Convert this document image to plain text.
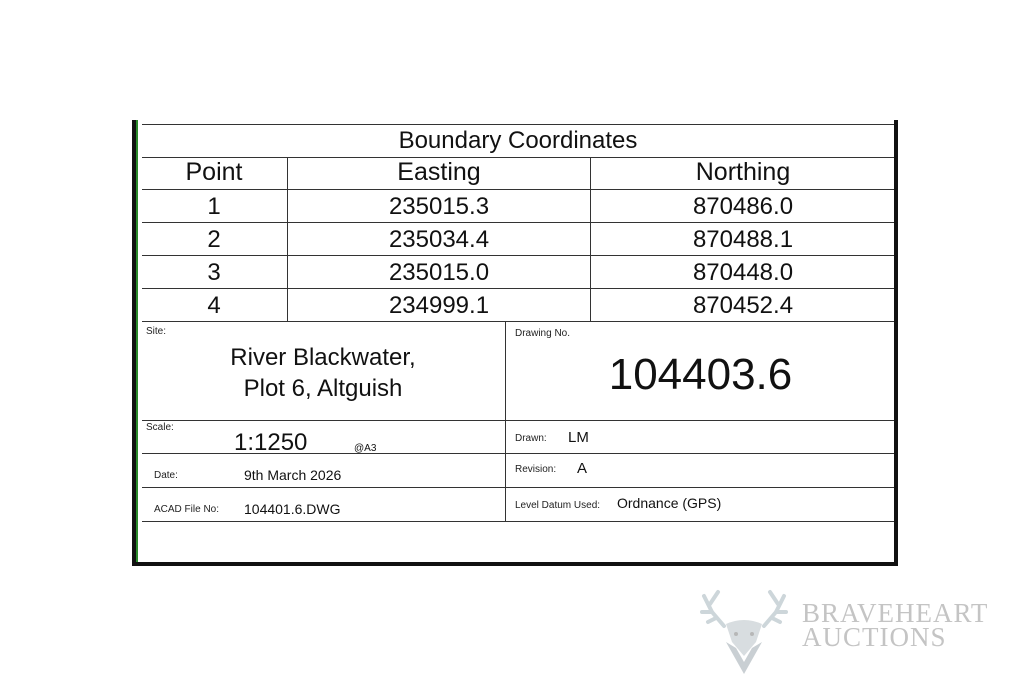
Boundary Coordinates
Point	Easting	Northing
1	235015.3	870486.0
2	235034.4	870488.1
3	235015.0	870448.0
4	234999.1	870452.4
Site:
River Blackwater,
Plot 6, Altguish
Drawing No.
104403.6
Scale:
1:1250	@A3
Drawn: LM
Date:	9th March 2026	Revision: A
ACAD File No: 104401.6.DWG	Level Datum Used: Ordnance (GPS)
BRAVEHEART
AUCTIONS
